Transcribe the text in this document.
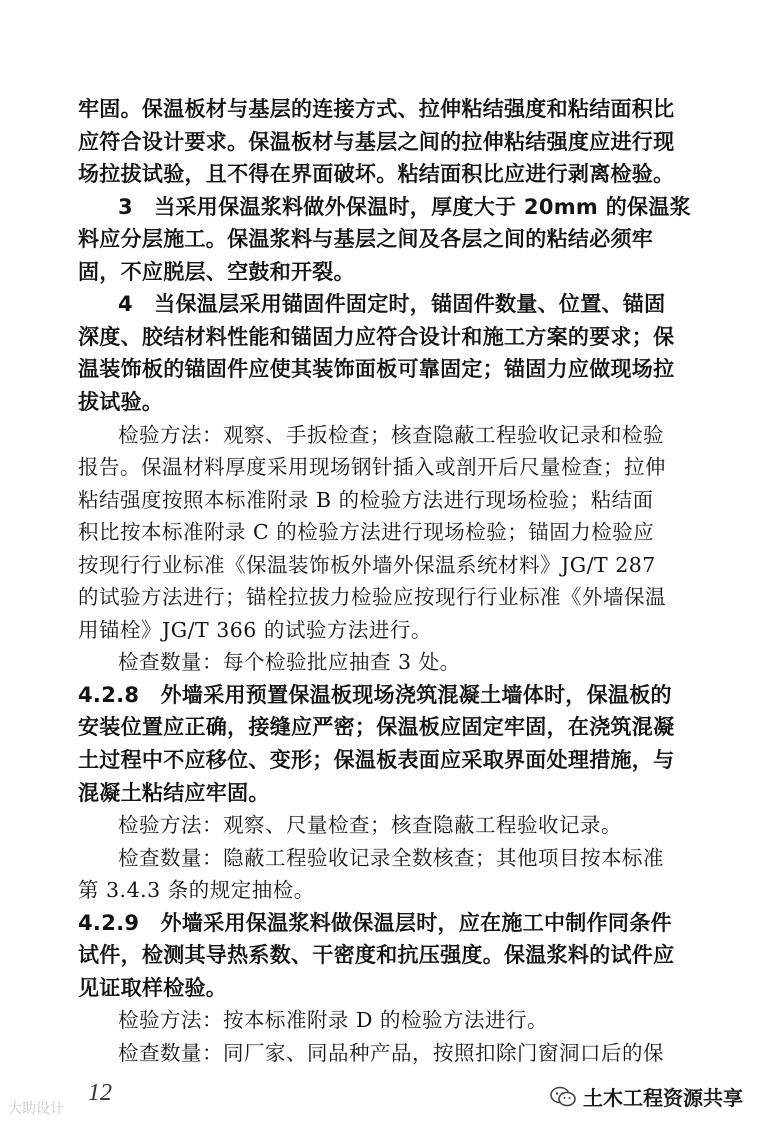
牢固。保温板材与基层的连接方式、拉伸粘结强度和粘结面积比
应符合设计要求。保温板材与基层之间的拉伸粘结强度应进行现
场拉拔试验，且不得在界面破坏。粘结面积比应进行剥离检验。
3　当采用保温浆料做外保温时，厚度大于 20mm 的保温浆
料应分层施工。保温浆料与基层之间及各层之间的粘结必须牢
固，不应脱层、空鼓和开裂。
4　当保温层采用锚固件固定时，锚固件数量、位置、锚固
深度、胶结材料性能和锚固力应符合设计和施工方案的要求；保
温装饰板的锚固件应使其装饰面板可靠固定；锚固力应做现场拉
拔试验。
检验方法：观察、手扳检查；核查隐蔽工程验收记录和检验
报告。保温材料厚度采用现场钢针插入或剖开后尺量检查；拉伸
粘结强度按照本标准附录 B 的检验方法进行现场检验；粘结面
积比按本标准附录 C 的检验方法进行现场检验；锚固力检验应
按现行行业标准《保温装饰板外墙外保温系统材料》JG/T 287
的试验方法进行；锚栓拉拔力检验应按现行行业标准《外墙保温
用锚栓》JG/T 366 的试验方法进行。
检查数量：每个检验批应抽查 3 处。
4.2.8　外墙采用预置保温板现场浇筑混凝土墙体时，保温板的
安装位置应正确，接缝应严密；保温板应固定牢固，在浇筑混凝
土过程中不应移位、变形；保温板表面应采取界面处理措施，与
混凝土粘结应牢固。
检验方法：观察、尺量检查；核查隐蔽工程验收记录。
检查数量：隐蔽工程验收记录全数核查；其他项目按本标准
第 3.4.3 条的规定抽检。
4.2.9　外墙采用保温浆料做保温层时，应在施工中制作同条件
试件，检测其导热系数、干密度和抗压强度。保温浆料的试件应
见证取样检验。
检验方法：按本标准附录 D 的检验方法进行。
检查数量：同厂家、同品种产品，按照扣除门窗洞口后的保
12
大助设计	土木工程资源共享
